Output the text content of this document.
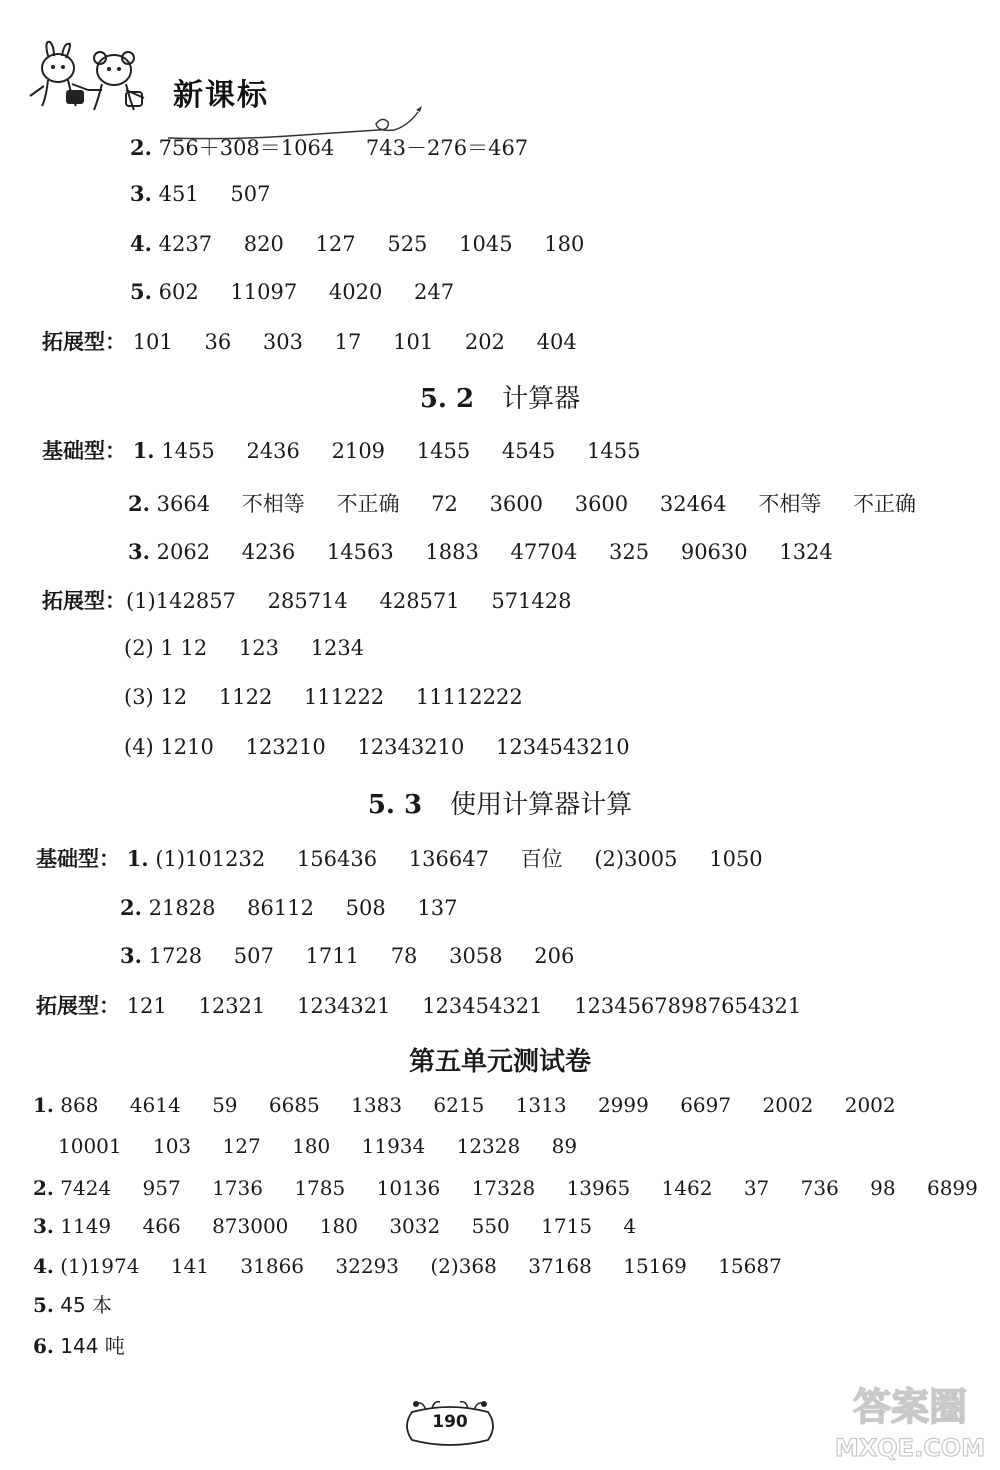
新课标
2. 756＋308＝1064 743－276＝467
3. 451 507
4. 4237 820 127 525 1045 180
5. 602 11097 4020 247
拓展型： 101 36 303 17 101 202 404
5. 2 计算器
基础型： 1. 1455 2436 2109 1455 4545 1455
2. 3664 不相等 不正确 72 3600 3600 32464 不相等 不正确
3. 2062 4236 14563 1883 47704 325 90630 1324
拓展型：(1)142857 285714 428571 571428
(2) 1 12 123 1234
(3) 12 1122 111222 11112222
(4) 1210 123210 12343210 1234543210
5. 3 使用计算器计算
基础型： 1. (1)101232 156436 136647 百位 (2)3005 1050
2. 21828 86112 508 137
3. 1728 507 1711 78 3058 206
拓展型： 121 12321 1234321 123454321 12345678987654321
第五单元测试卷
1. 868 4614 59 6685 1383 6215 1313 2999 6697 2002 2002
10001 103 127 180 11934 12328 89
2. 7424 957 1736 1785 10136 17328 13965 1462 37 736 98 6899
3. 1149 466 873000 180 3032 550 1715 4
4. (1)1974 141 31866 32293 (2)368 37168 15169 15687
5. 45 本
6. 144 吨
190	答案圈
MXQE.COM
